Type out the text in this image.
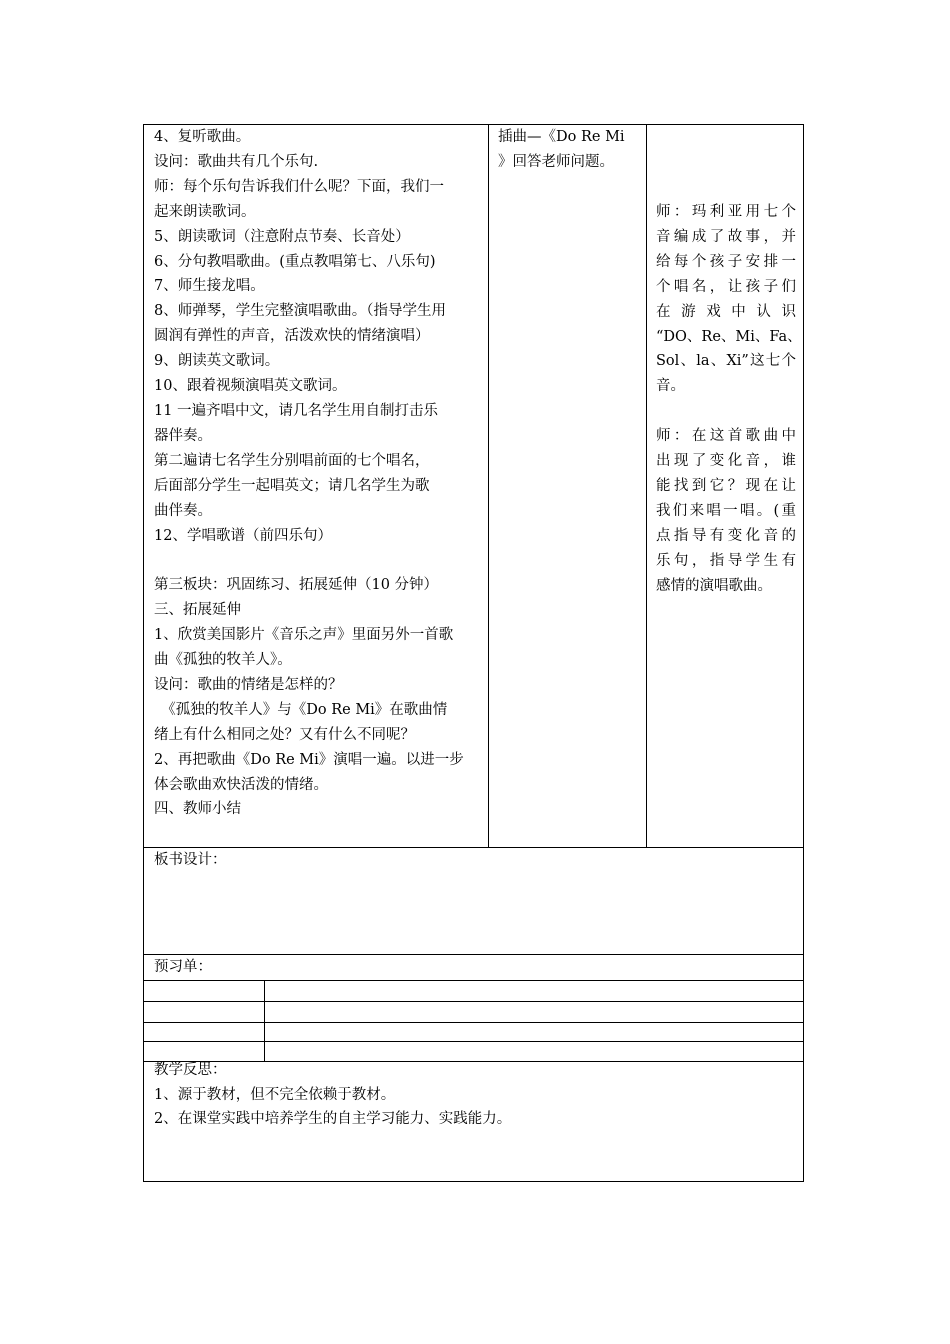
4、复听歌曲。

设问：歌曲共有几个乐句.

师：每个乐句告诉我们什么呢？下面，我们一

起来朗读歌词。

5、朗读歌词（注意附点节奏、长音处）

6、分句教唱歌曲。(重点教唱第七、八乐句)

7、师生接龙唱。

8、师弹琴，学生完整演唱歌曲。（指导学生用

圆润有弹性的声音，活泼欢快的情绪演唱）

9、朗读英文歌词。

10、跟着视频演唱英文歌词。

11 一遍齐唱中文，请几名学生用自制打击乐

器伴奏。

第二遍请七名学生分别唱前面的七个唱名，

后面部分学生一起唱英文；请几名学生为歌

曲伴奏。

12、学唱歌谱（前四乐句）

第三板块：巩固练习、拓展延伸（10 分钟）

三、拓展延伸

1、欣赏美国影片《音乐之声》里面另外一首歌

曲《孤独的牧羊人》。

设问：歌曲的情绪是怎样的？

　《孤独的牧羊人》与《Do Re Mi》在歌曲情

绪上有什么相同之处？又有什么不同呢？

2、再把歌曲《Do Re Mi》演唱一遍。以进一步

体会歌曲欢快活泼的情绪。

四、教师小结

插曲—《Do Re Mi

》回答老师问题。

师：玛利亚用七个

音编成了故事，并

给每个孩子安排一

个唱名，让孩子们

在 游 戏 中 认 识

“DO、Re、Mi、Fa、

Sol、la、Xi”这七个

音。

师：在这首歌曲中

出现了变化音，谁

能找到它？现在让

我们来唱一唱。(重

点指导有变化音的

乐句，指导学生有

感情的演唱歌曲。

板书设计：

预习单：

教学反思：

1、源于教材，但不完全依赖于教材。

2、在课堂实践中培养学生的自主学习能力、实践能力。
